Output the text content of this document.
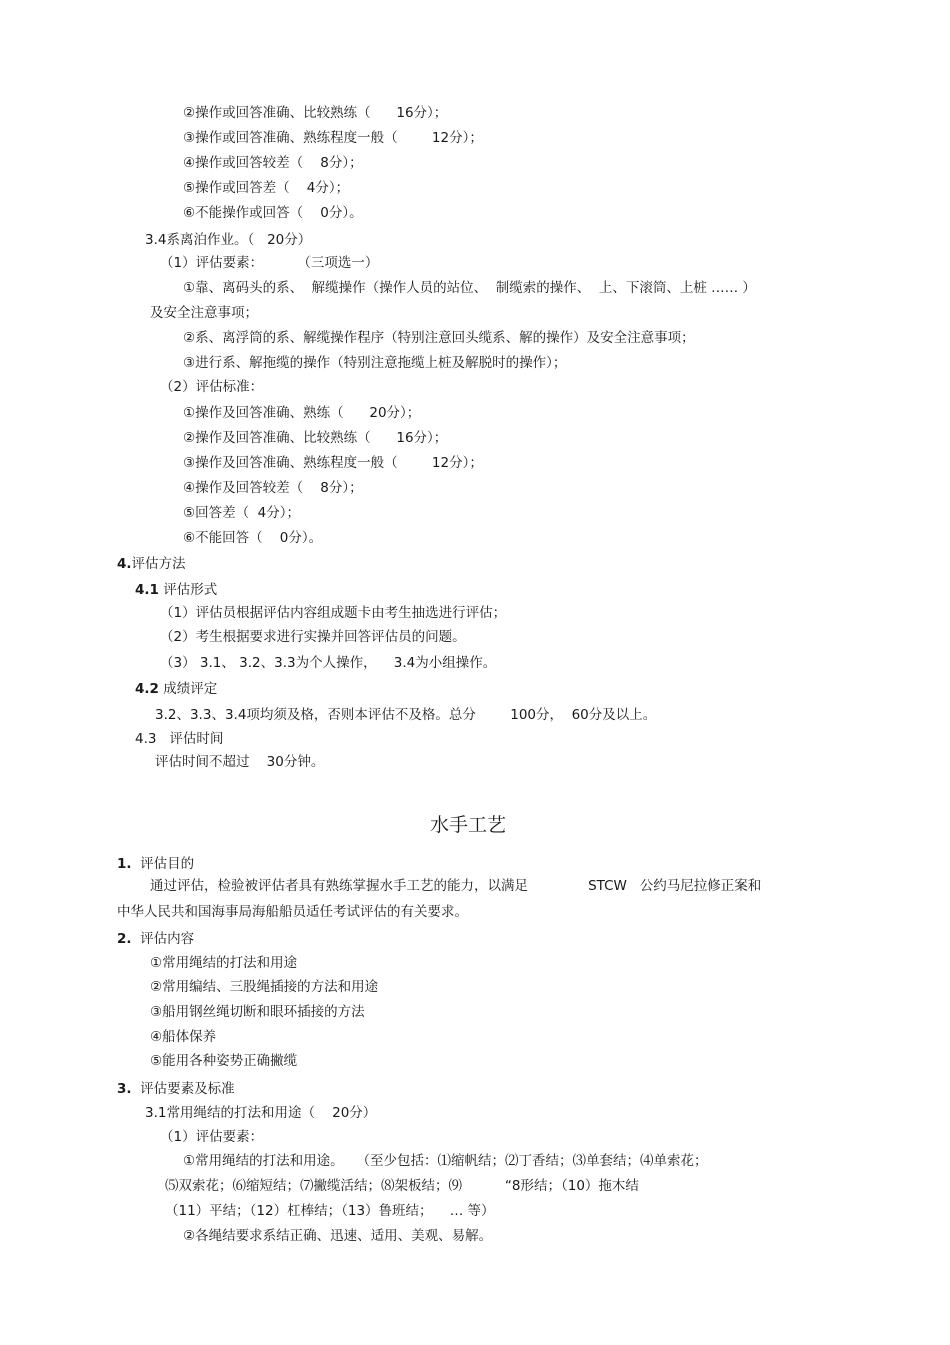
②操作或回答准确、比较熟练（      16分）；
③操作或回答准确、熟练程度一般（        12分）；
④操作或回答较差（    8分）；
⑤操作或回答差（    4分）；
⑥不能操作或回答（    0分）。
3.4系离泊作业。（   20分）
（1）评估要素：        （三项选一）
①靠、离码头的系、  解缆操作（操作人员的站位、  制缆索的操作、  上、下滚筒、上桩 …… ）
及安全注意事项；
②系、离浮筒的系、解缆操作程序（特别注意回头缆系、解的操作）及安全注意事项；
③进行系、解拖缆的操作（特别注意拖缆上桩及解脱时的操作）；
（2）评估标准：
①操作及回答准确、熟练（      20分）；
②操作及回答准确、比较熟练（      16分）；
③操作及回答准确、熟练程度一般（        12分）；
④操作及回答较差（    8分）；
⑤回答差（  4分）；
⑥不能回答（    0分）。
4.评估方法
4.1 评估形式
（1）评估员根据评估内容组成题卡由考生抽选进行评估；
（2）考生根据要求进行实操并回答评估员的问题。
（3） 3.1、 3.2、3.3为个人操作，    3.4为小组操作。
4.2 成绩评定
3.2、3.3、3.4项均须及格，否则本评估不及格。总分        100分，  60分及以上。
4.3   评估时间
评估时间不超过    30分钟。
水手工艺
1.  评估目的
通过评估，检验被评估者具有熟练掌握水手工艺的能力，以满足              STCW   公约马尼拉修正案和
中华人民共和国海事局海船船员适任考试评估的有关要求。
2.  评估内容
①常用绳结的打法和用途
②常用编结、三股绳插接的方法和用途
③船用钢丝绳切断和眼环插接的方法
④船体保养
⑤能用各种姿势正确撇缆
3.  评估要素及标准
3.1常用绳结的打法和用途（    20分）
（1）评估要素：
①常用绳结的打法和用途。   （至少包括：⑴缩帆结；⑵丁香结；⑶单套结；⑷单索花；
⑸双索花；⑹缩短结；⑺撇缆活结；⑻架板结；⑼          “8形结；（10）拖木结
（11）平结；（12）杠棒结；（13）鲁班结；    … 等）
②各绳结要求系结正确、迅速、适用、美观、易解。
